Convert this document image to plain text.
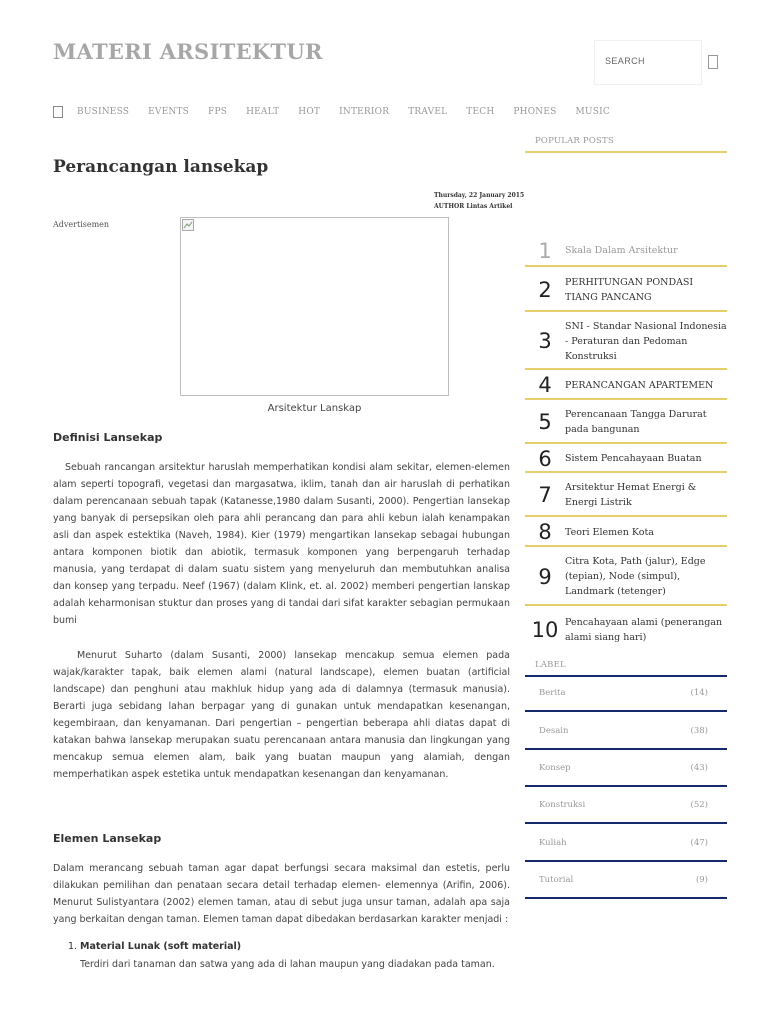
MATERI ARSITEKTUR
SEARCH
BUSINESS EVENTS FPS HEALT HOT INTERIOR TRAVEL TECH PHONES MUSIC
Perancangan lansekap
Thursday, 22 January 2015
AUTHOR Lintas Artikel
Advertisemen
Arsitektur Lanskap
Definisi Lansekap

Sebuah rancangan arsitektur haruslah memperhatikan kondisi alam sekitar, elemen-elemen alam seperti topografi, vegetasi dan margasatwa, iklim, tanah dan air haruslah di perhatikan dalam perencanaan sebuah tapak (Katanesse,1980 dalam Susanti, 2000). Pengertian lansekap yang banyak di persepsikan oleh para ahli perancang dan para ahli kebun ialah kenampakan asli dan aspek estektika (Naveh, 1984). Kier (1979) mengartikan lansekap sebagai hubungan antara komponen biotik dan abiotik, termasuk komponen yang berpengaruh terhadap manusia, yang terdapat di dalam suatu sistem yang menyeluruh dan membutuhkan analisa dan konsep yang terpadu. Neef (1967) (dalam Klink, et. al. 2002) memberi pengertian lanskap adalah keharmonisan stuktur dan proses yang di tandai dari sifat karakter sebagian permukaan bumi

Menurut Suharto (dalam Susanti, 2000) lansekap mencakup semua elemen pada wajak/karakter tapak, baik elemen alami (natural landscape), elemen buatan (artificial landscape) dan penghuni atau makhluk hidup yang ada di dalamnya (termasuk manusia). Berarti juga sebidang lahan berpagar yang di gunakan untuk mendapatkan kesenangan, kegembiraan, dan kenyamanan. Dari pengertian – pengertian beberapa ahli diatas dapat di katakan bahwa lansekap merupakan suatu perencanaan antara manusia dan lingkungan yang mencakup semua elemen alam, baik yang buatan maupun yang alamiah, dengan memperhatikan aspek estetika untuk mendapatkan kesenangan dan kenyamanan.

Elemen Lansekap

Dalam merancang sebuah taman agar dapat berfungsi secara maksimal dan estetis, perlu dilakukan pemilihan dan penataan secara detail terhadap elemen- elemennya (Arifin, 2006). Menurut Sulistyantara (2002) elemen taman, atau di sebut juga unsur taman, adalah apa saja yang berkaitan dengan taman. Elemen taman dapat dibedakan berdasarkan karakter menjadi :

1. Material Lunak (soft material)
Terdiri dari tanaman dan satwa yang ada di lahan maupun yang diadakan pada taman.
POPULAR POSTS
1	Skala Dalam Arsitektur
2	PERHITUNGAN PONDASI TIANG PANCANG
3
SNI - Standar Nasional Indonesia - Peraturan dan Pedoman Konstruksi
4	PERANCANGAN APARTEMEN
5	Perencanaan Tangga Darurat pada bangunan
6	Sistem Pencahayaan Buatan
7	Arsitektur Hemat Energi & Energi Listrik
8	Teori Elemen Kota
9
Citra Kota, Path (jalur), Edge (tepian), Node (simpul), Landmark (tetenger)
10 Pencahayaan alami (penerangan alami siang hari)
LABEL
Berita	(14)
Desain	(38)
Konsep	(43)
Konstruksi	(52)
Kuliah	(47)
Tutorial	(9)
